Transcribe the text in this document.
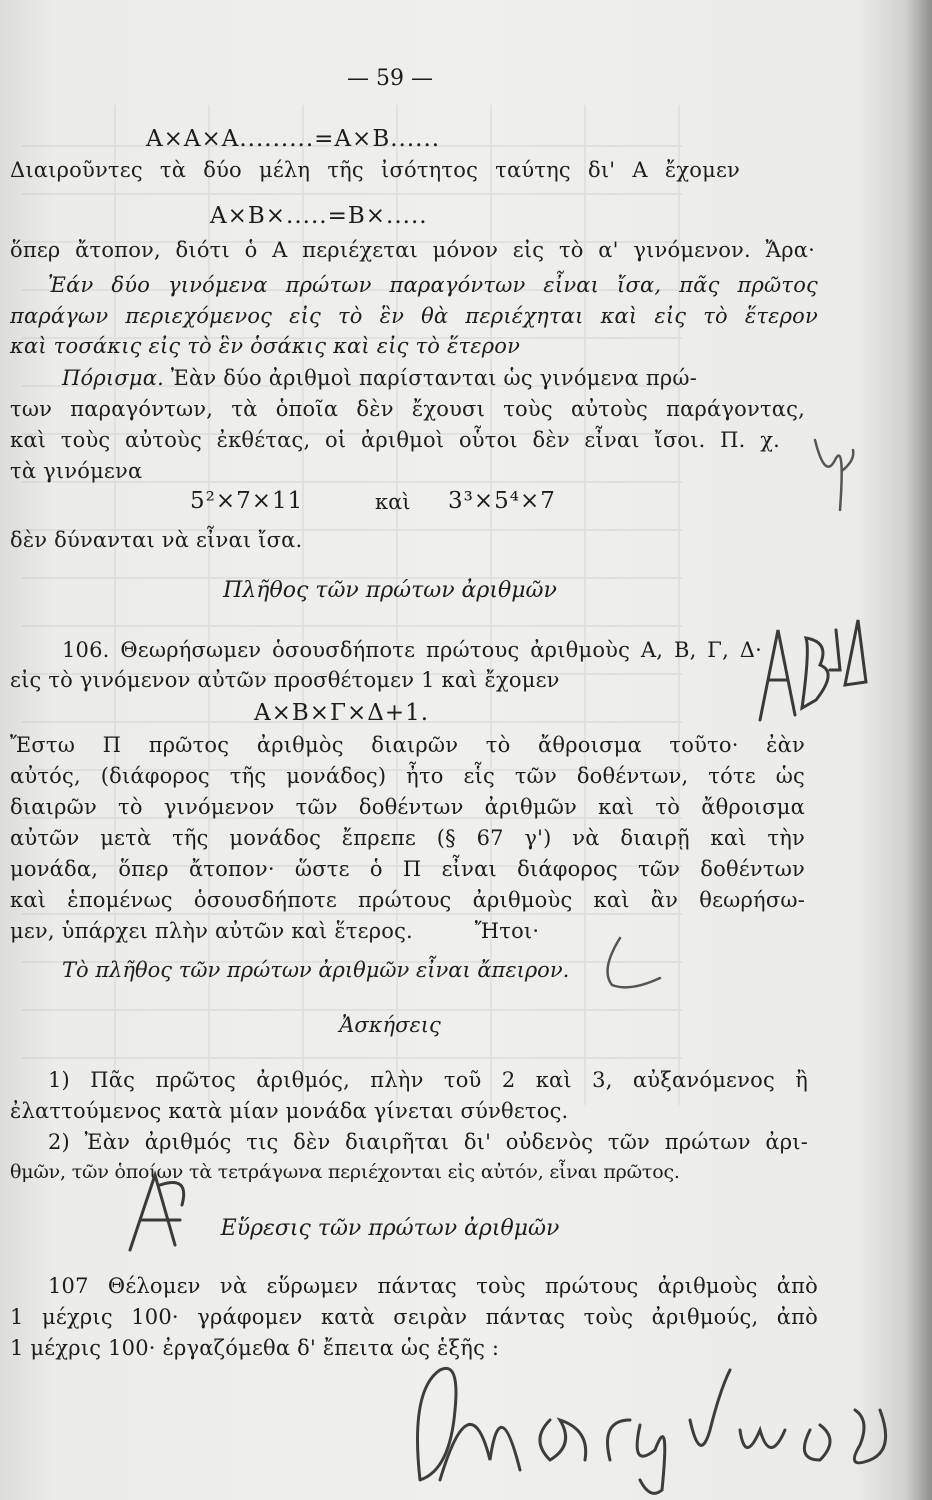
— 59 —
A×A×A.........=A×B......
Διαιροῦντες τὰ δύο μέλη τῆς ἰσότητος ταύτης δι' A ἔχομεν
A×B×.....=B×.....
ὅπερ ἄτοπον, διότι ὁ A περιέχεται μόνον εἰς τὸ α' γινόμενον. Ἄρα·
Ἐάν δύο γινόμενα πρώτων παραγόντων εἶναι ἴσα, πᾶς πρῶτος
παράγων περιεχόμενος εἰς τὸ ἓν θὰ περιέχηται καὶ εἰς τὸ ἕτερον
καὶ τοσάκις εἰς τὸ ἓν ὁσάκις καὶ εἰς τὸ ἕτερον
Πόρισμα. Ἐὰν δύο ἀριθμοὶ παρίστανται ὡς γινόμενα πρώ-
των παραγόντων, τὰ ὁποῖα δὲν ἔχουσι τοὺς αὐτοὺς παράγοντας,
καὶ τοὺς αὐτοὺς ἐκθέτας, οἱ ἀριθμοὶ οὗτοι δὲν εἶναι ἴσοι. Π. χ.
τὰ γινόμενα
5²×7×11	καὶ 3³×5⁴×7
δὲν δύνανται νὰ εἶναι ἴσα.
Πλῆθος τῶν πρώτων ἀριθμῶν
106. Θεωρήσωμεν ὁσουσδήποτε πρώτους ἀριθμοὺς A, B, Γ, Δ·
εἰς τὸ γινόμενον αὐτῶν προσθέτομεν 1 καὶ ἔχομεν
A×B×Γ×Δ+1.
Ἔστω Π πρῶτος ἀριθμὸς διαιρῶν τὸ ἄθροισμα τοῦτο· ἐὰν
αὐτός, (διάφορος τῆς μονάδος) ἦτο εἷς τῶν δοθέντων, τότε ὡς
διαιρῶν τὸ γινόμενον τῶν δοθέντων ἀριθμῶν καὶ τὸ ἄθροισμα
αὐτῶν μετὰ τῆς μονάδος ἔπρεπε (§ 67 γ') νὰ διαιρῇ καὶ τὴν
μονάδα, ὅπερ ἄτοπον· ὥστε ὁ Π εἶναι διάφορος τῶν δοθέντων
καὶ ἑπομένως ὁσουσδήποτε πρώτους ἀριθμοὺς καὶ ἂν θεωρήσω-
μεν, ὑπάρχει πλὴν αὐτῶν καὶ ἕτερος.	Ἤτοι·
Τὸ πλῆθος τῶν πρώτων ἀριθμῶν εἶναι ἄπειρον.
Ἀσκήσεις
1) Πᾶς πρῶτος ἀριθμός, πλὴν τοῦ 2 καὶ 3, αὐξανόμενος ἢ
ἐλαττούμενος κατὰ μίαν μονάδα γίνεται σύνθετος.
2) Ἐὰν ἀριθμός τις δὲν διαιρῆται δι' οὐδενὸς τῶν πρώτων ἀρι-
θμῶν, τῶν ὁποίων τὰ τετράγωνα περιέχονται εἰς αὐτόν, εἶναι πρῶτος.
Εὕρεσις τῶν πρώτων ἀριθμῶν
107 Θέλομεν νὰ εὕρωμεν πάντας τοὺς πρώτους ἀριθμοὺς ἀπὸ
1 μέχρις 100· γράφομεν κατὰ σειρὰν πάντας τοὺς ἀριθμούς, ἀπὸ
1 μέχρις 100· ἐργαζόμεθα δ' ἔπειτα ὡς ἑξῆς :
